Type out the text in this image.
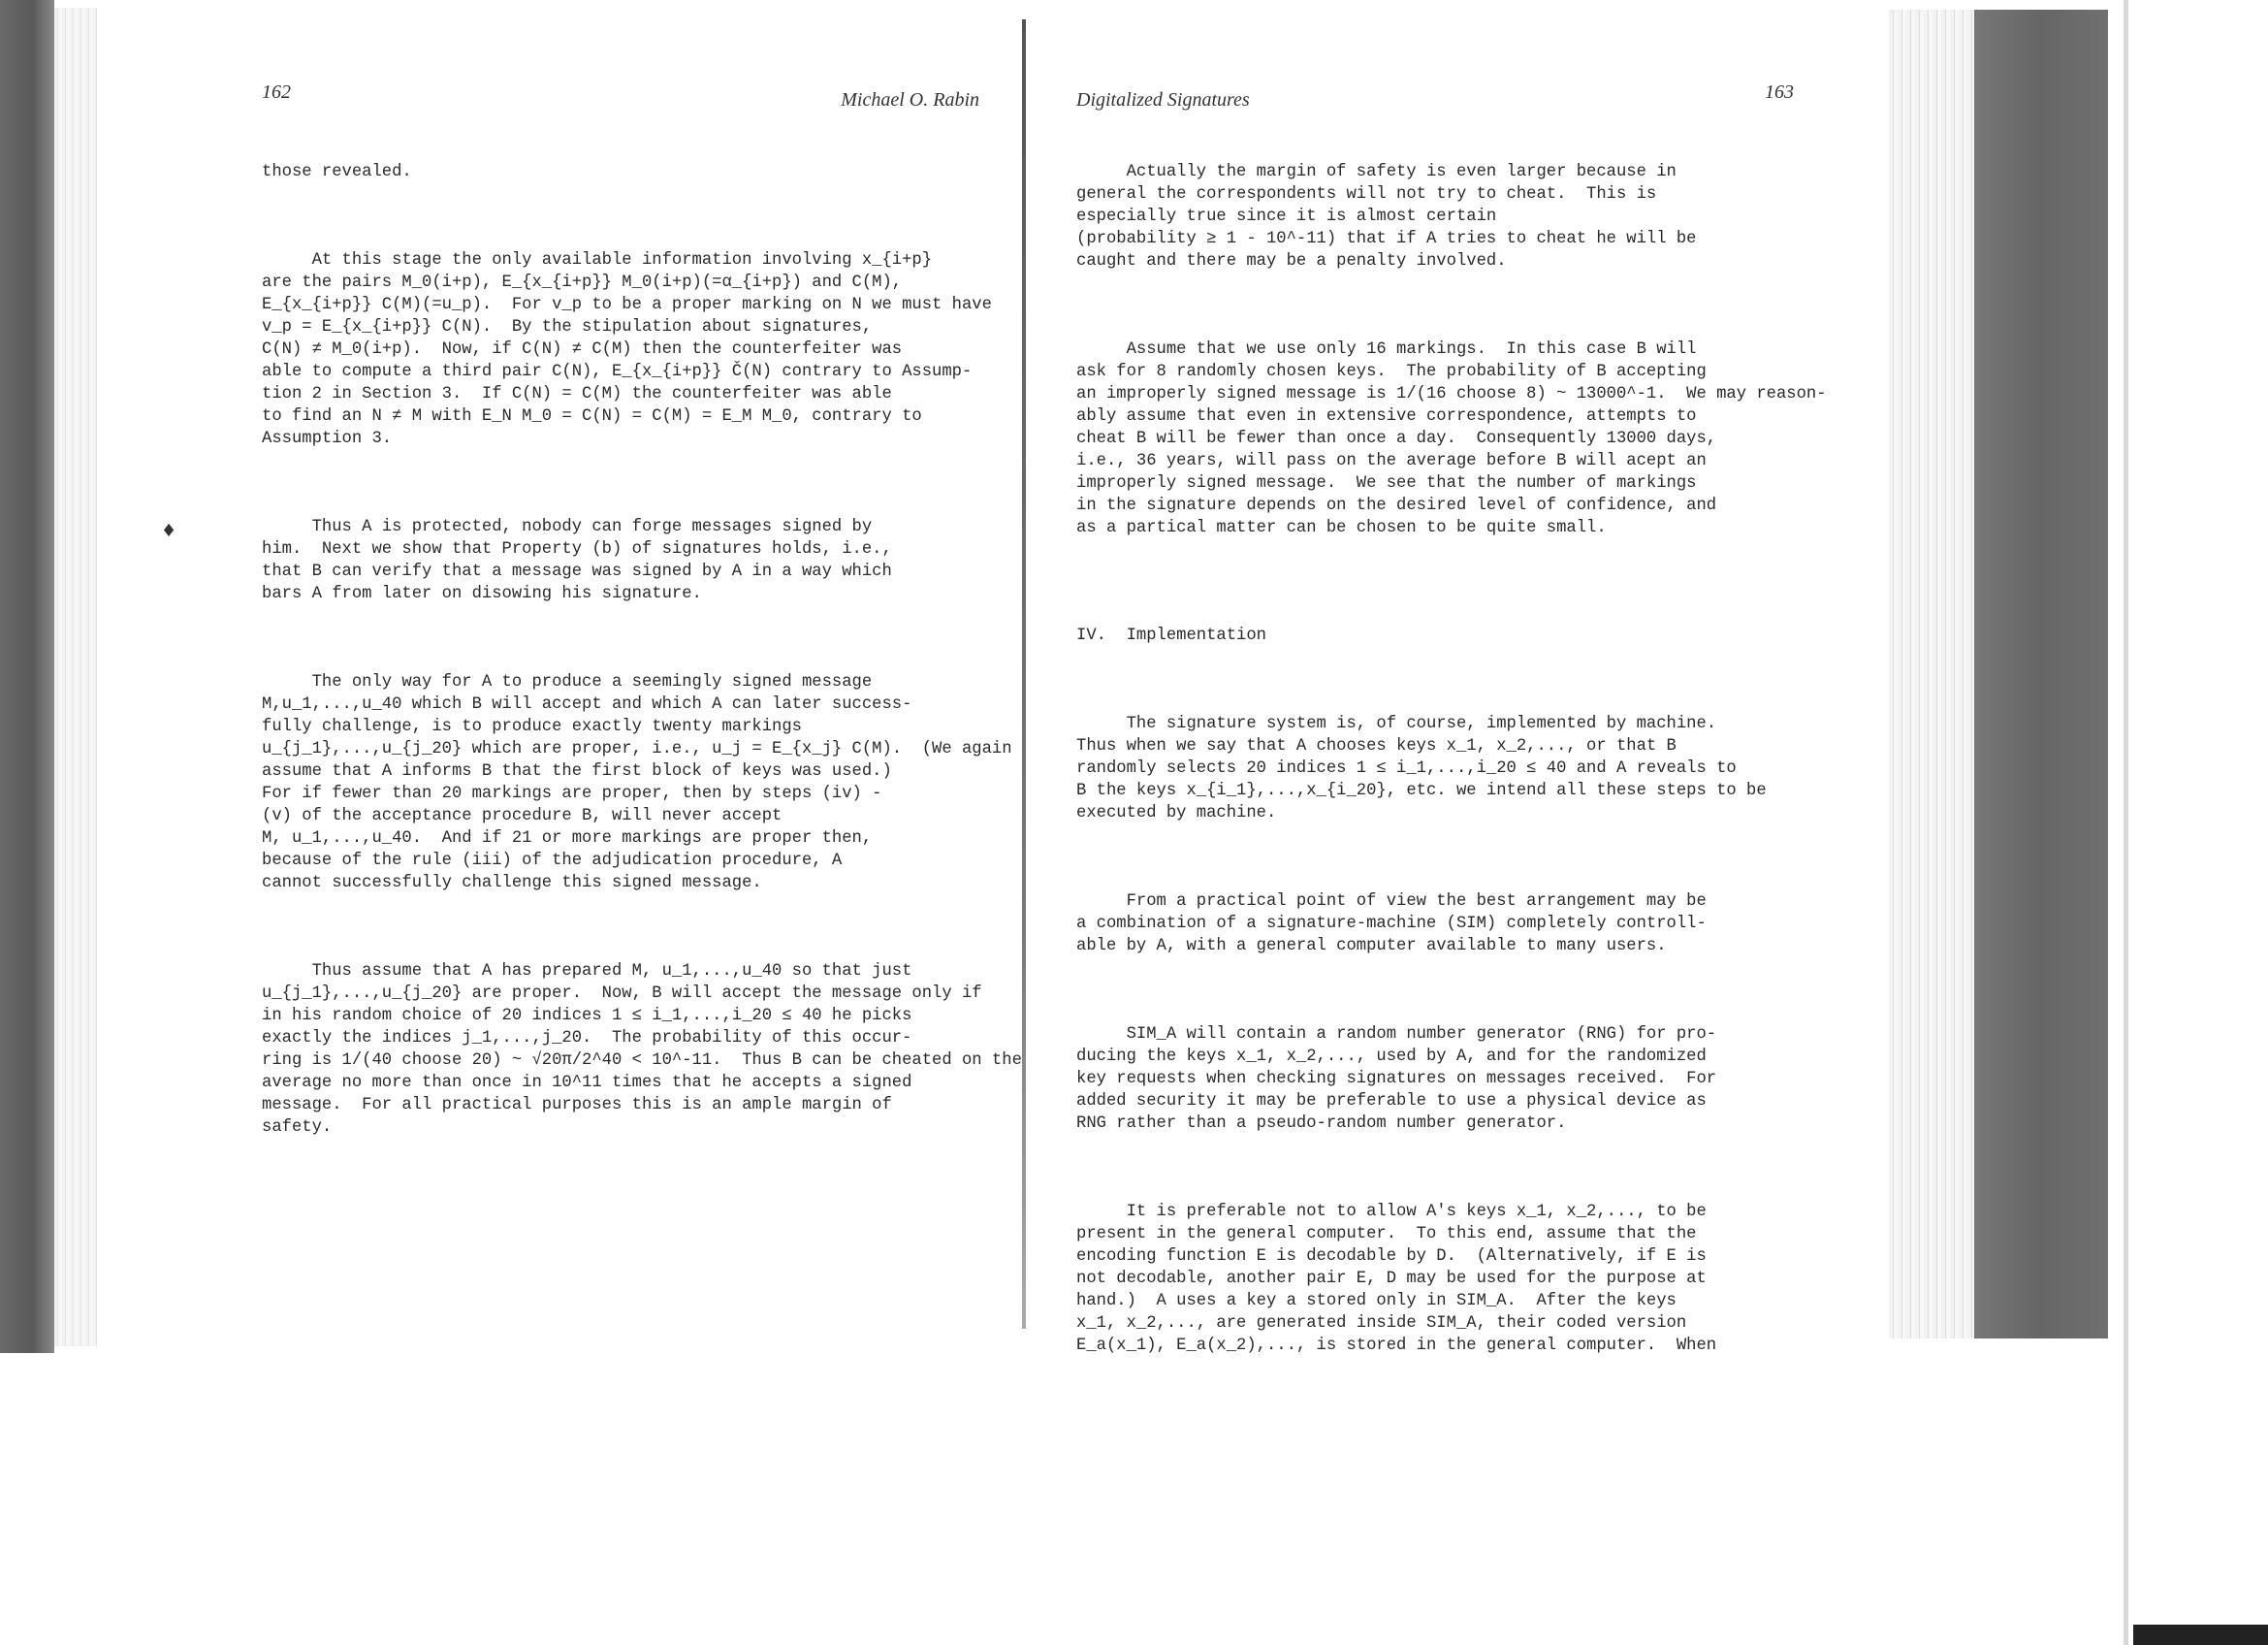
♦
162	Michael O. Rabin

those revealed.

At this stage the only available information involving x_{i+p}
are the pairs M_0(i+p), E_{x_{i+p}} M_0(i+p)(=α_{i+p}) and C(M),
E_{x_{i+p}} C(M)(=u_p).  For v_p to be a proper marking on N we must have
v_p = E_{x_{i+p}} C(N).  By the stipulation about signatures,
C(N) ≠ M_0(i+p).  Now, if C(N) ≠ C(M) then the counterfeiter was
able to compute a third pair C(N), E_{x_{i+p}} Č(N) contrary to Assump-
tion 2 in Section 3.  If C(N) = C(M) the counterfeiter was able
to find an N ≠ M with E_N M_0 = C(N) = C(M) = E_M M_0, contrary to
Assumption 3.

Thus A is protected, nobody can forge messages signed by
him.  Next we show that Property (b) of signatures holds, i.e.,
that B can verify that a message was signed by A in a way which
bars A from later on disowing his signature.

The only way for A to produce a seemingly signed message
M,u_1,...,u_40 which B will accept and which A can later success-
fully challenge, is to produce exactly twenty markings
u_{j_1},...,u_{j_20} which are proper, i.e., u_j = E_{x_j} C(M).  (We again
assume that A informs B that the first block of keys was used.)
For if fewer than 20 markings are proper, then by steps (iv) -
(v) of the acceptance procedure B, will never accept
M, u_1,...,u_40.  And if 21 or more markings are proper then,
because of the rule (iii) of the adjudication procedure, A
cannot successfully challenge this signed message.

Thus assume that A has prepared M, u_1,...,u_40 so that just
u_{j_1},...,u_{j_20} are proper.  Now, B will accept the message only if
in his random choice of 20 indices 1 ≤ i_1,...,i_20 ≤ 40 he picks
exactly the indices j_1,...,j_20.  The probability of this occur-
ring is 1/(40 choose 20) ~ √20π/2^40 < 10^-11.  Thus B can be cheated on the
average no more than once in 10^11 times that he accepts a signed
message.  For all practical purposes this is an ample margin of
safety.

Digitalized Signatures	163

Actually the margin of safety is even larger because in
general the correspondents will not try to cheat.  This is
especially true since it is almost certain
(probability ≥ 1 - 10^-11) that if A tries to cheat he will be
caught and there may be a penalty involved.

Assume that we use only 16 markings.  In this case B will
ask for 8 randomly chosen keys.  The probability of B accepting
an improperly signed message is 1/(16 choose 8) ~ 13000^-1.  We may reason-
ably assume that even in extensive correspondence, attempts to
cheat B will be fewer than once a day.  Consequently 13000 days,
i.e., 36 years, will pass on the average before B will acept an
improperly signed message.  We see that the number of markings
in the signature depends on the desired level of confidence, and
as a partical matter can be chosen to be quite small.

IV.  Implementation

The signature system is, of course, implemented by machine.
Thus when we say that A chooses keys x_1, x_2,..., or that B
randomly selects 20 indices 1 ≤ i_1,...,i_20 ≤ 40 and A reveals to
B the keys x_{i_1},...,x_{i_20}, etc. we intend all these steps to be
executed by machine.

From a practical point of view the best arrangement may be
a combination of a signature-machine (SIM) completely controll-
able by A, with a general computer available to many users.

SIM_A will contain a random number generator (RNG) for pro-
ducing the keys x_1, x_2,..., used by A, and for the randomized
key requests when checking signatures on messages received.  For
added security it may be preferable to use a physical device as
RNG rather than a pseudo-random number generator.

It is preferable not to allow A's keys x_1, x_2,..., to be
present in the general computer.  To this end, assume that the
encoding function E is decodable by D.  (Alternatively, if E is
not decodable, another pair E, D may be used for the purpose at
hand.)  A uses a key a stored only in SIM_A.  After the keys
x_1, x_2,..., are generated inside SIM_A, their coded version
E_a(x_1), E_a(x_2),..., is stored in the general computer.  When
